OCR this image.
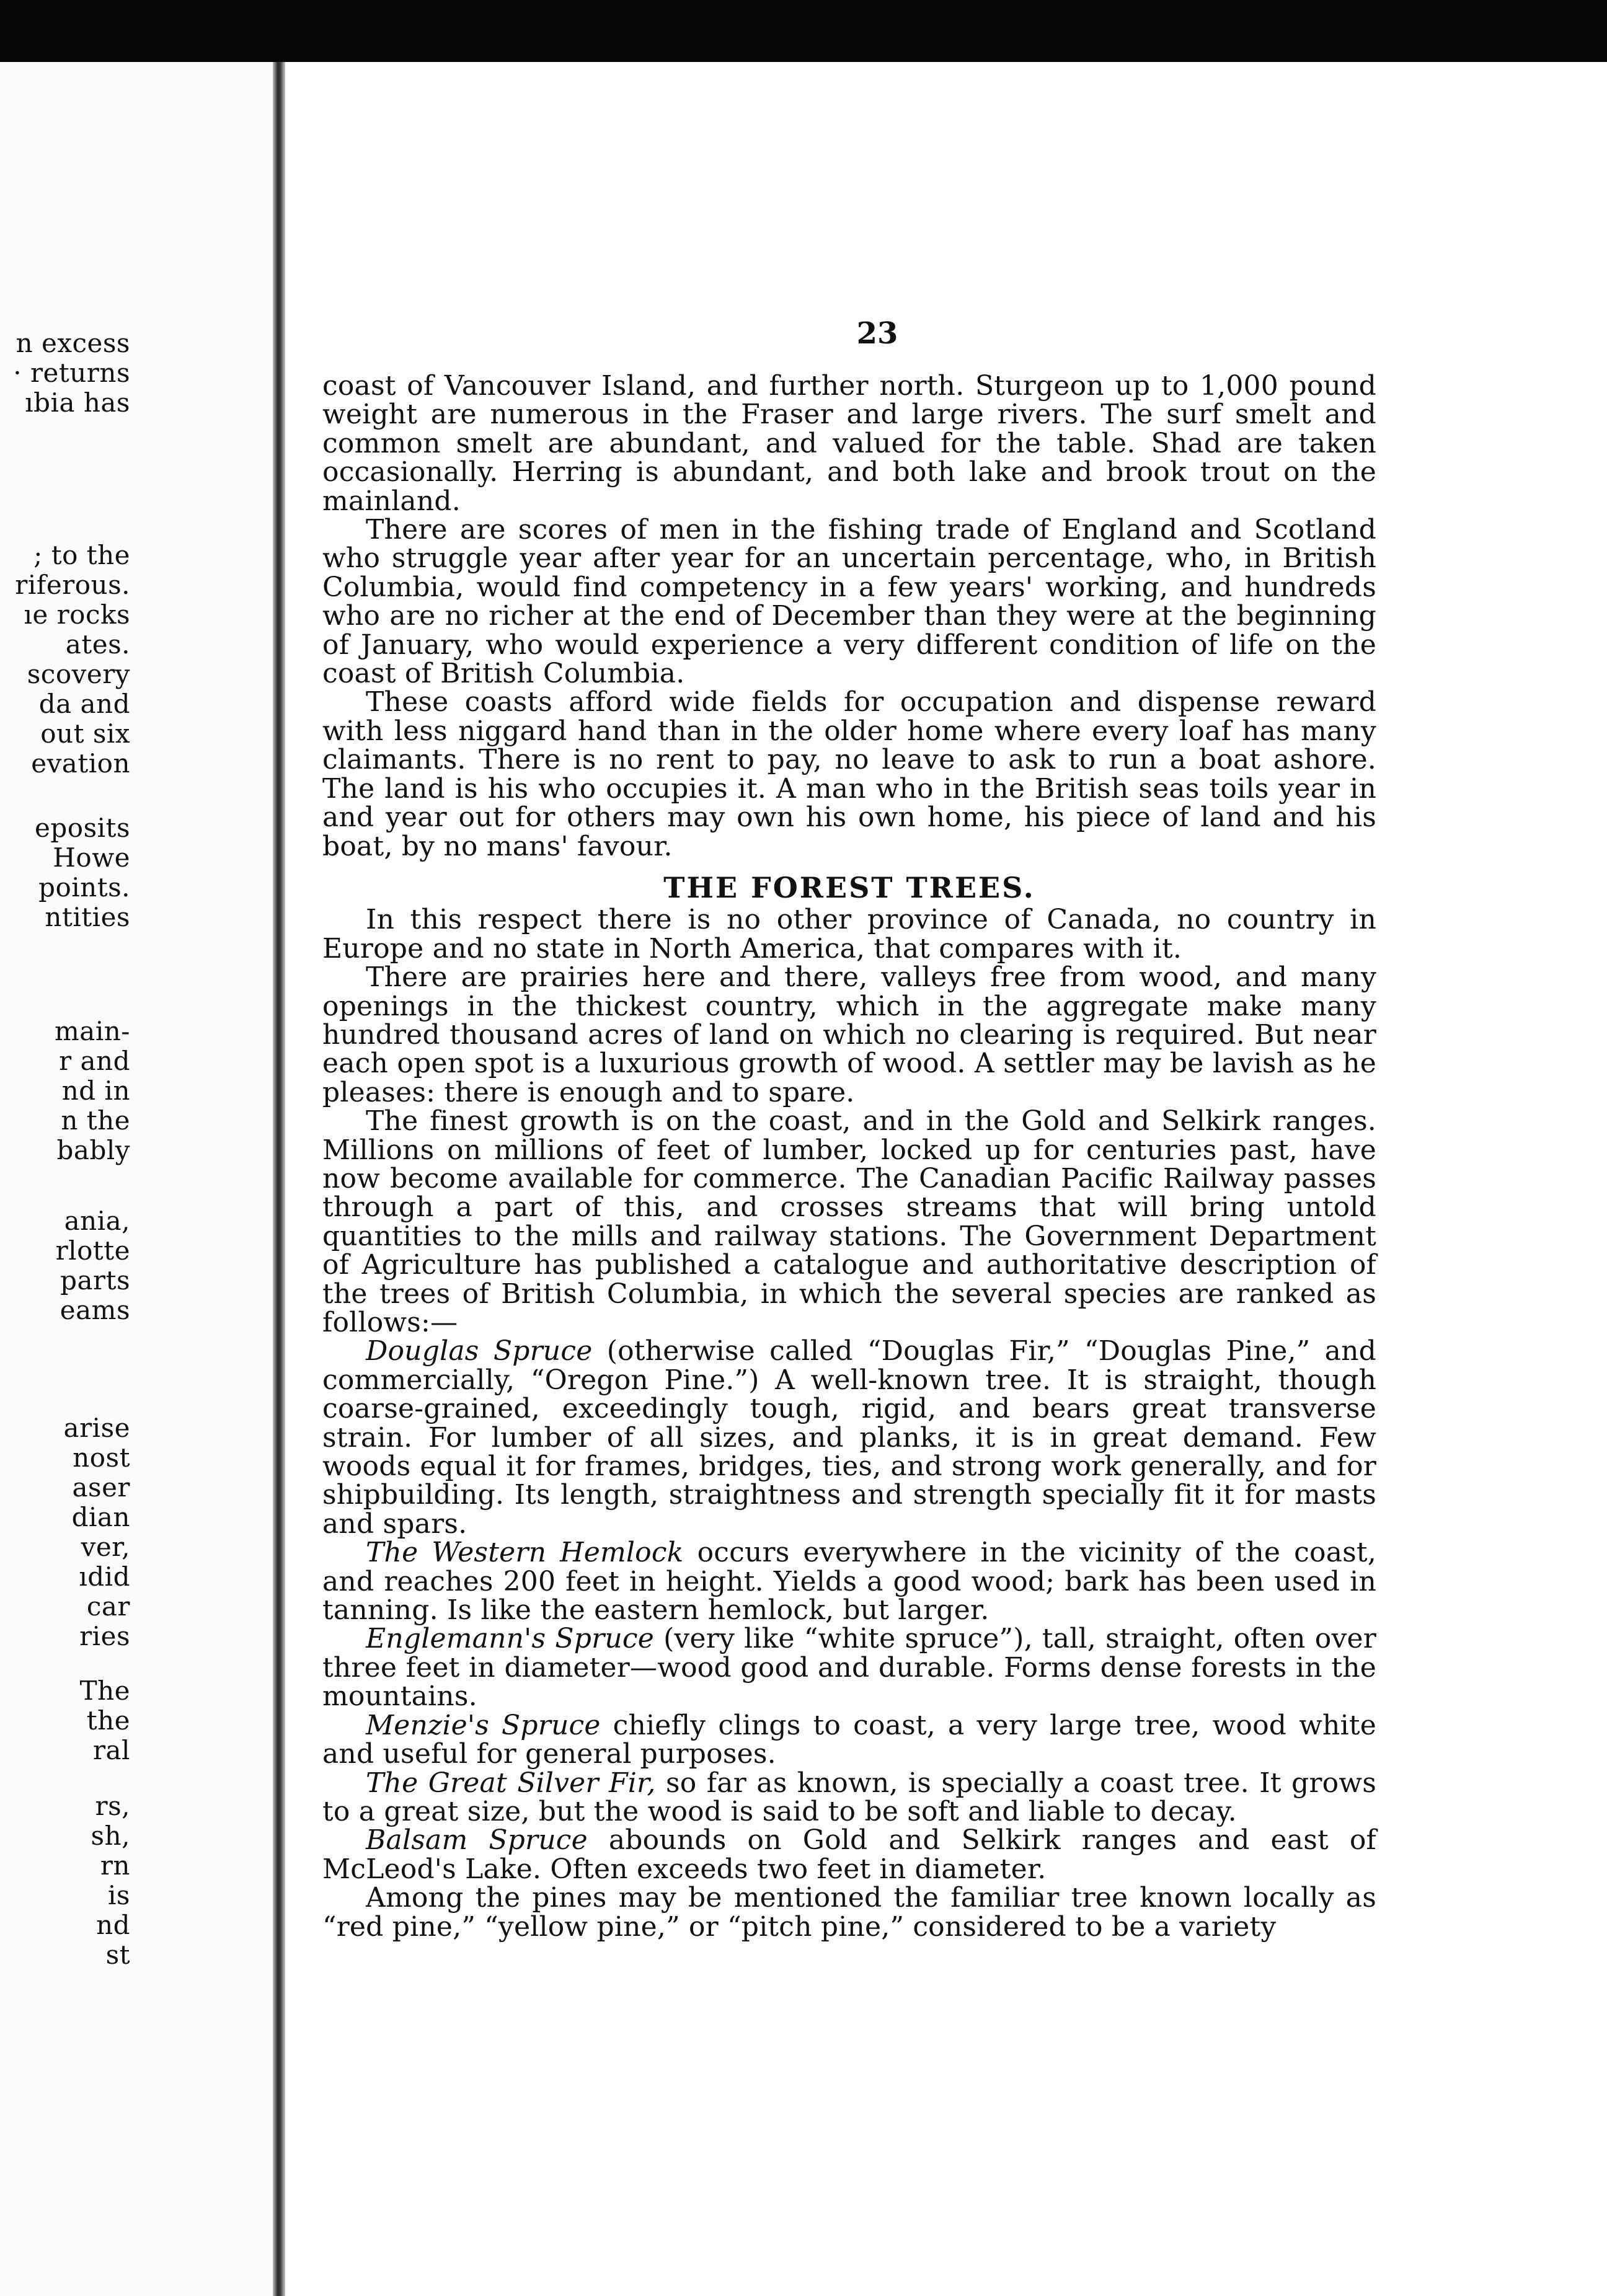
n excess
· returns
ıbia has
; to the
riferous.
ıe rocks
ates.
scovery
da and
out six
evation
eposits
Howe
points.
ntities
main-
r and
nd in
n the
bably
ania,
rlotte
parts
eams
arise
nost
aser
dian
ver,
ıdid
car
ries
The
the
ral
rs,
sh,
rn
is
nd
st
23

coast of Vancouver Island, and further north. Sturgeon up to 1,000 pound weight are numerous in the Fraser and large rivers. The surf smelt and common smelt are abundant, and valued for the table. Shad are taken occasionally. Herring is abundant, and both lake and brook trout on the mainland.

There are scores of men in the fishing trade of England and Scotland who struggle year after year for an uncertain percentage, who, in British Columbia, would find competency in a few years' working, and hundreds who are no richer at the end of December than they were at the beginning of January, who would experience a very different condition of life on the coast of British Columbia.

These coasts afford wide fields for occupation and dispense reward with less niggard hand than in the older home where every loaf has many claimants. There is no rent to pay, no leave to ask to run a boat ashore. The land is his who occupies it. A man who in the British seas toils year in and year out for others may own his own home, his piece of land and his boat, by no mans' favour.

THE FOREST TREES.

In this respect there is no other province of Canada, no country in Europe and no state in North America, that compares with it.

There are prairies here and there, valleys free from wood, and many openings in the thickest country, which in the aggregate make many hundred thousand acres of land on which no clearing is required. But near each open spot is a luxurious growth of wood. A settler may be lavish as he pleases: there is enough and to spare.

The finest growth is on the coast, and in the Gold and Selkirk ranges. Millions on millions of feet of lumber, locked up for centuries past, have now become available for commerce. The Canadian Pacific Railway passes through a part of this, and crosses streams that will bring untold quantities to the mills and railway stations. The Government Department of Agriculture has published a catalogue and authoritative description of the trees of British Columbia, in which the several species are ranked as follows:—

Douglas Spruce (otherwise called “Douglas Fir,” “Douglas Pine,” and commercially, “Oregon Pine.”) A well-known tree. It is straight, though coarse-grained, exceedingly tough, rigid, and bears great transverse strain. For lumber of all sizes, and planks, it is in great demand. Few woods equal it for frames, bridges, ties, and strong work generally, and for shipbuilding. Its length, straightness and strength specially fit it for masts and spars.

The Western Hemlock occurs everywhere in the vicinity of the coast, and reaches 200 feet in height. Yields a good wood; bark has been used in tanning. Is like the eastern hemlock, but larger.

Englemann's Spruce (very like “white spruce”), tall, straight, often over three feet in diameter—wood good and durable. Forms dense forests in the mountains.

Menzie's Spruce chiefly clings to coast, a very large tree, wood white and useful for general purposes.

The Great Silver Fir, so far as known, is specially a coast tree. It grows to a great size, but the wood is said to be soft and liable to decay.

Balsam Spruce abounds on Gold and Selkirk ranges and east of McLeod's Lake. Often exceeds two feet in diameter.

Among the pines may be mentioned the familiar tree known locally as “red pine,” “yellow pine,” or “pitch pine,” considered to be a variety
